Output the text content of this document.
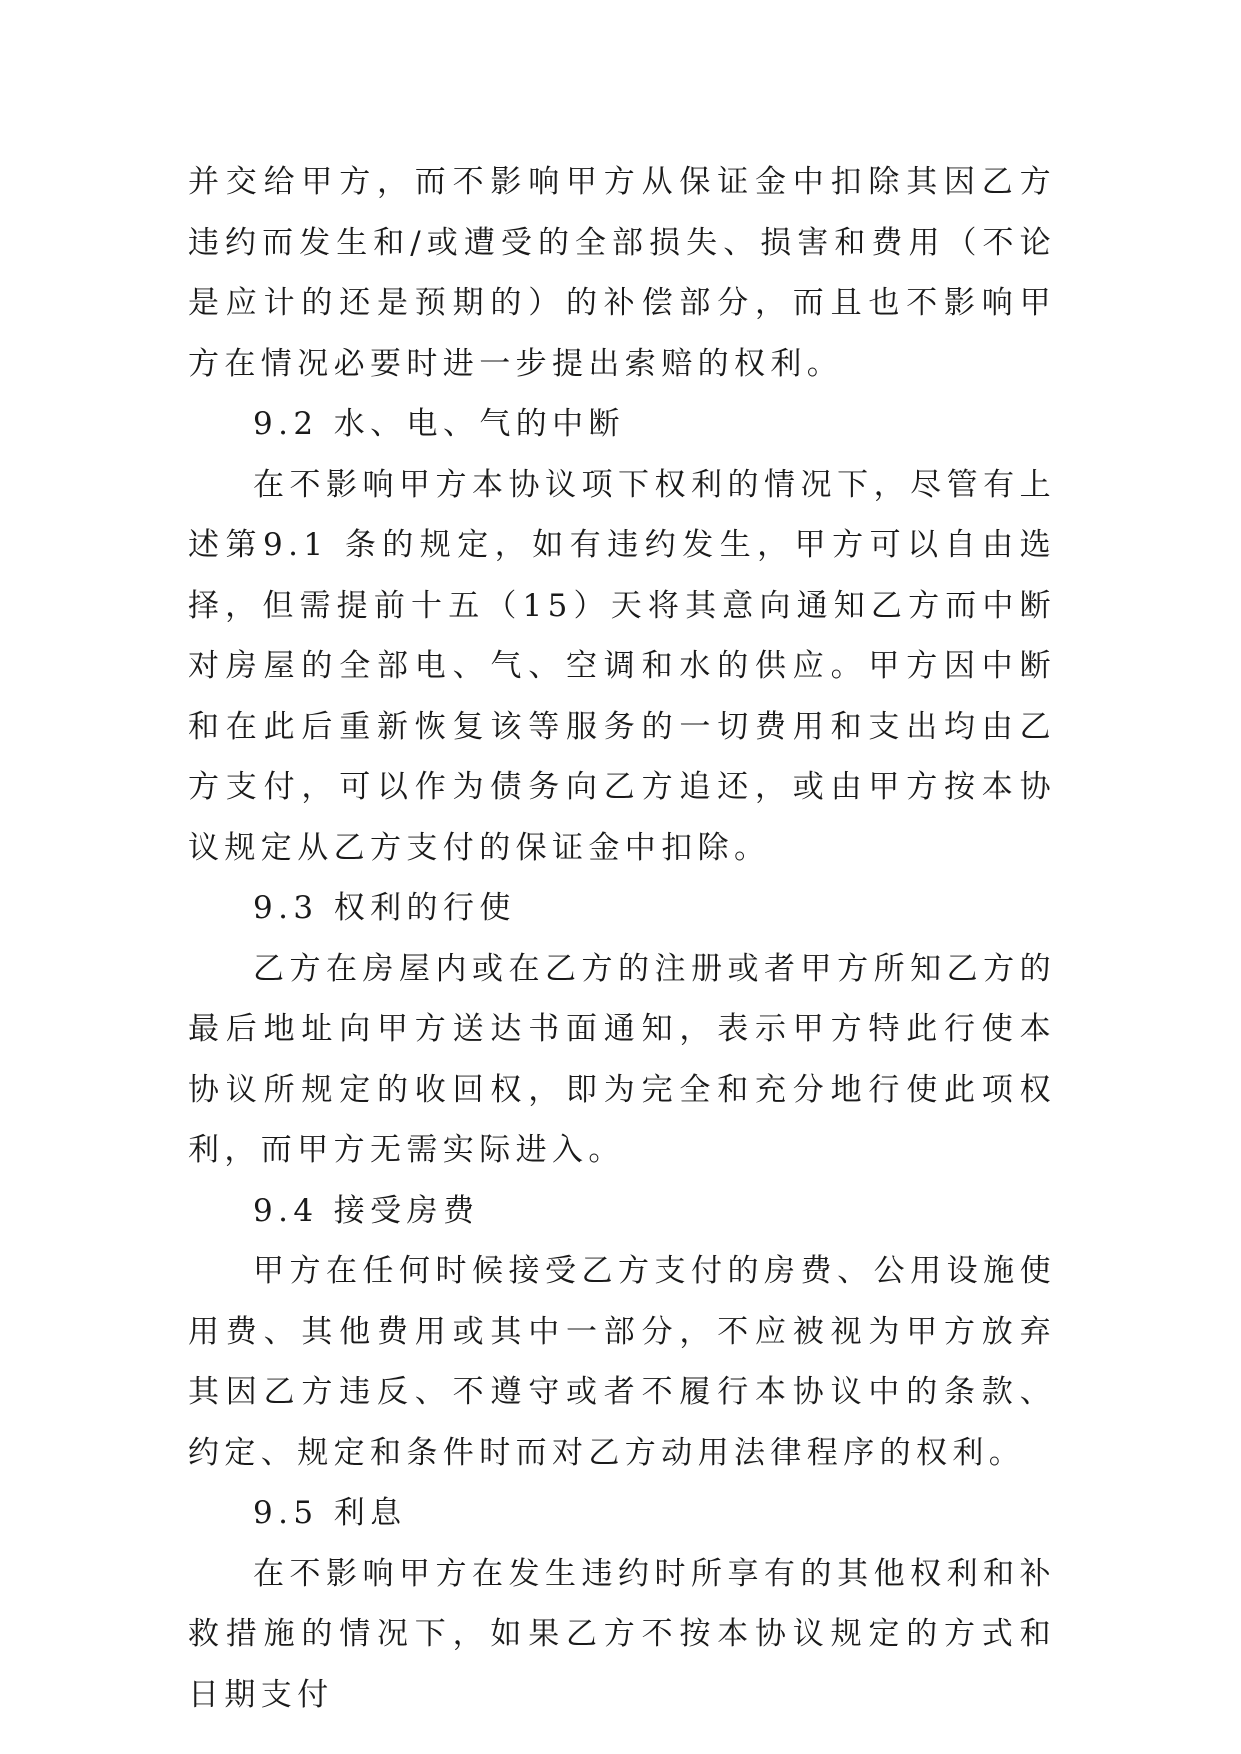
并交给甲方，而不影响甲方从保证金中扣除其因乙方违约而发生和/或遭受的全部损失、损害和费用（不论是应计的还是预期的）的补偿部分，而且也不影响甲方在情况必要时进一步提出索赔的权利。

9.2 水、电、气的中断

在不影响甲方本协议项下权利的情况下，尽管有上述第9.1 条的规定，如有违约发生，甲方可以自由选择，但需提前十五（15）天将其意向通知乙方而中断对房屋的全部电、气、空调和水的供应。甲方因中断和在此后重新恢复该等服务的一切费用和支出均由乙方支付，可以作为债务向乙方追还，或由甲方按本协议规定从乙方支付的保证金中扣除。

9.3 权利的行使

乙方在房屋内或在乙方的注册或者甲方所知乙方的最后地址向甲方送达书面通知，表示甲方特此行使本协议所规定的收回权，即为完全和充分地行使此项权利，而甲方无需实际进入。

9.4 接受房费

甲方在任何时候接受乙方支付的房费、公用设施使用费、其他费用或其中一部分，不应被视为甲方放弃其因乙方违反、不遵守或者不履行本协议中的条款、约定、规定和条件时而对乙方动用法律程序的权利。

9.5 利息

在不影响甲方在发生违约时所享有的其他权利和补救措施的情况下，如果乙方不按本协议规定的方式和日期支付
